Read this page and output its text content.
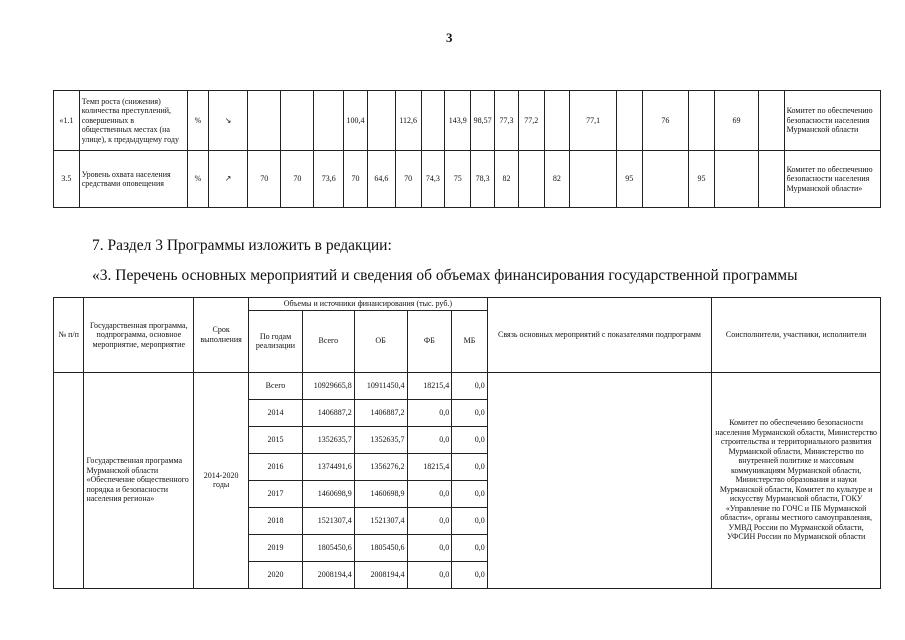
3
«1.1	Темп роста (снижения) количества преступлений, совершенных в общественных местах (на улице), к предыдущему году	%	↘				100,4		112,6		143,9	98,57	77,3	77,2		77,1		76		69		Комитет по обеспечению безопасности населения Мурманской области
3.5	Уровень охвата населения средствами оповещения	%	↗	70	70	73,6	70	64,6	70	74,3	75	78,3	82		82		95		95			Комитет по обеспечению безопасности населения Мурманской области»
7. Раздел 3 Программы изложить в редакции:
«3. Перечень основных мероприятий и сведения об объемах финансирования государственной программы
№ п/п	Государственная программа, подпрограмма, основное мероприятие, мероприятие	Срок выполнения	Объемы и источники финансирования (тыс. руб.)					Связь основных мероприятий с показателями подпрограмм	Соисполнители, участники, исполнители
			По годам реализации	Всего	ОБ	ФБ	МБ		
	Государственная программа Мурманской области «Обеспечение общественного порядка и безопасности населения региона»	2014-2020 годы	Всего	10929665,8	10911450,4	18215,4	0,0		Комитет по обеспечению безопасности населения Мурманской области, Министерство строительства и территориального развития Мурманской области, Министерство по внутренней политике и массовым коммуникациям Мурманской области, Министерство образования и науки Мурманской области, Комитет по культуре и искусству Мурманской области, ГОКУ «Управление по ГОЧС и ПБ Мурманской области», органы местного самоуправления, УМВД России по Мурманской области, УФСИН России по Мурманской области
			2014	1406887,2	1406887,2	0,0	0,0		
			2015	1352635,7	1352635,7	0,0	0,0		
			2016	1374491,6	1356276,2	18215,4	0,0		
			2017	1460698,9	1460698,9	0,0	0,0		
			2018	1521307,4	1521307,4	0,0	0,0		
			2019	1805450,6	1805450,6	0,0	0,0		
			2020	2008194,4	2008194,4	0,0	0,0		
